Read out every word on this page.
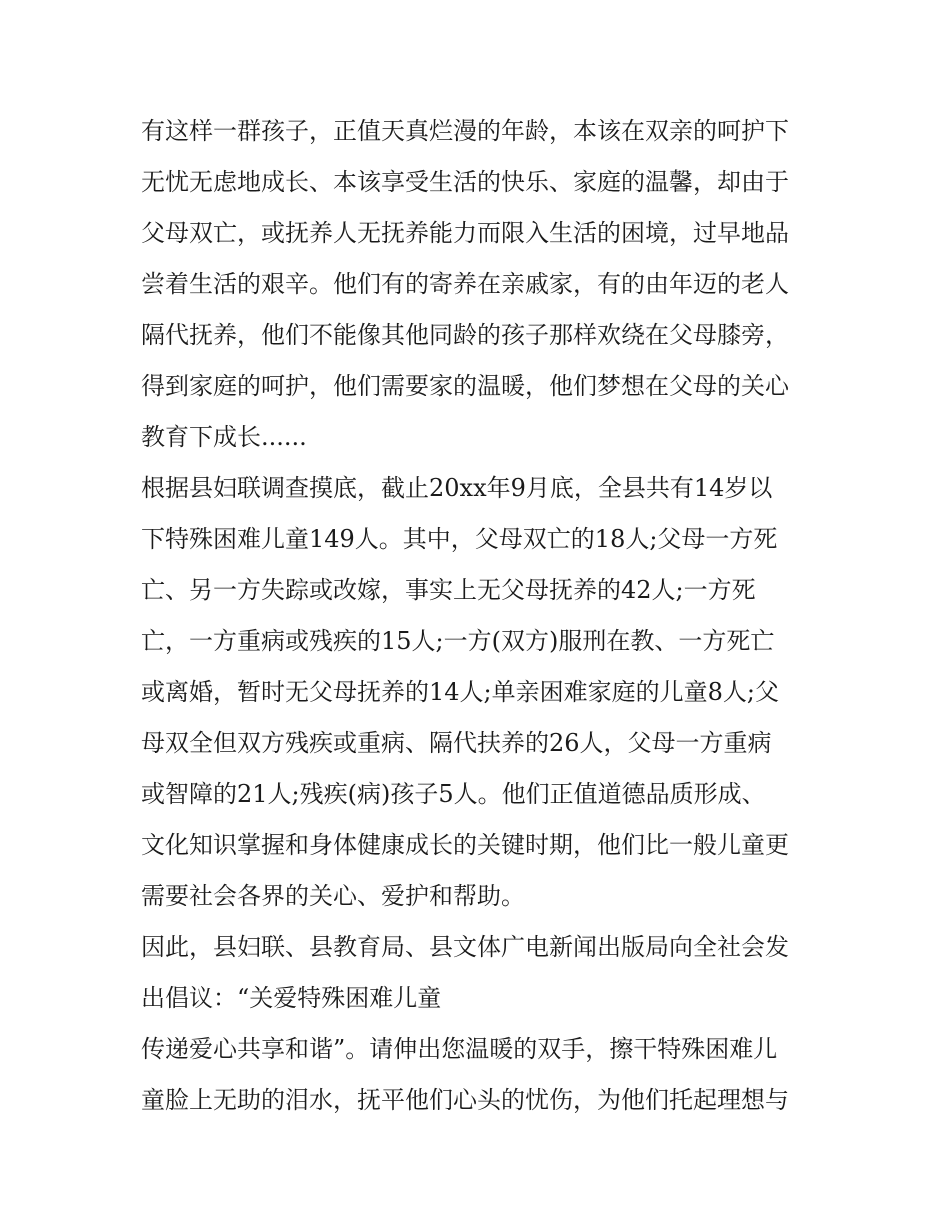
有这样一群孩子，正值天真烂漫的年龄，本该在双亲的呵护下
无忧无虑地成长、本该享受生活的快乐、家庭的温馨，却由于
父母双亡，或抚养人无抚养能力而限入生活的困境，过早地品
尝着生活的艰辛。他们有的寄养在亲戚家，有的由年迈的老人
隔代抚养，他们不能像其他同龄的孩子那样欢绕在父母膝旁，
得到家庭的呵护，他们需要家的温暖，他们梦想在父母的关心
教育下成长......
根据县妇联调查摸底，截止20xx年9月底，全县共有14岁以
下特殊困难儿童149人。其中，父母双亡的18人;父母一方死
亡、另一方失踪或改嫁，事实上无父母抚养的42人;一方死
亡，一方重病或残疾的15人;一方(双方)服刑在教、一方死亡
或离婚，暂时无父母抚养的14人;单亲困难家庭的儿童8人;父
母双全但双方残疾或重病、隔代扶养的26人，父母一方重病
或智障的21人;残疾(病)孩子5人。他们正值道德品质形成、
文化知识掌握和身体健康成长的关键时期，他们比一般儿童更
需要社会各界的关心、爱护和帮助。
因此，县妇联、县教育局、县文体广电新闻出版局向全社会发
出倡议：“关爱特殊困难儿童
传递爱心共享和谐”。请伸出您温暖的双手，擦干特殊困难儿
童脸上无助的泪水，抚平他们心头的忧伤，为他们托起理想与
